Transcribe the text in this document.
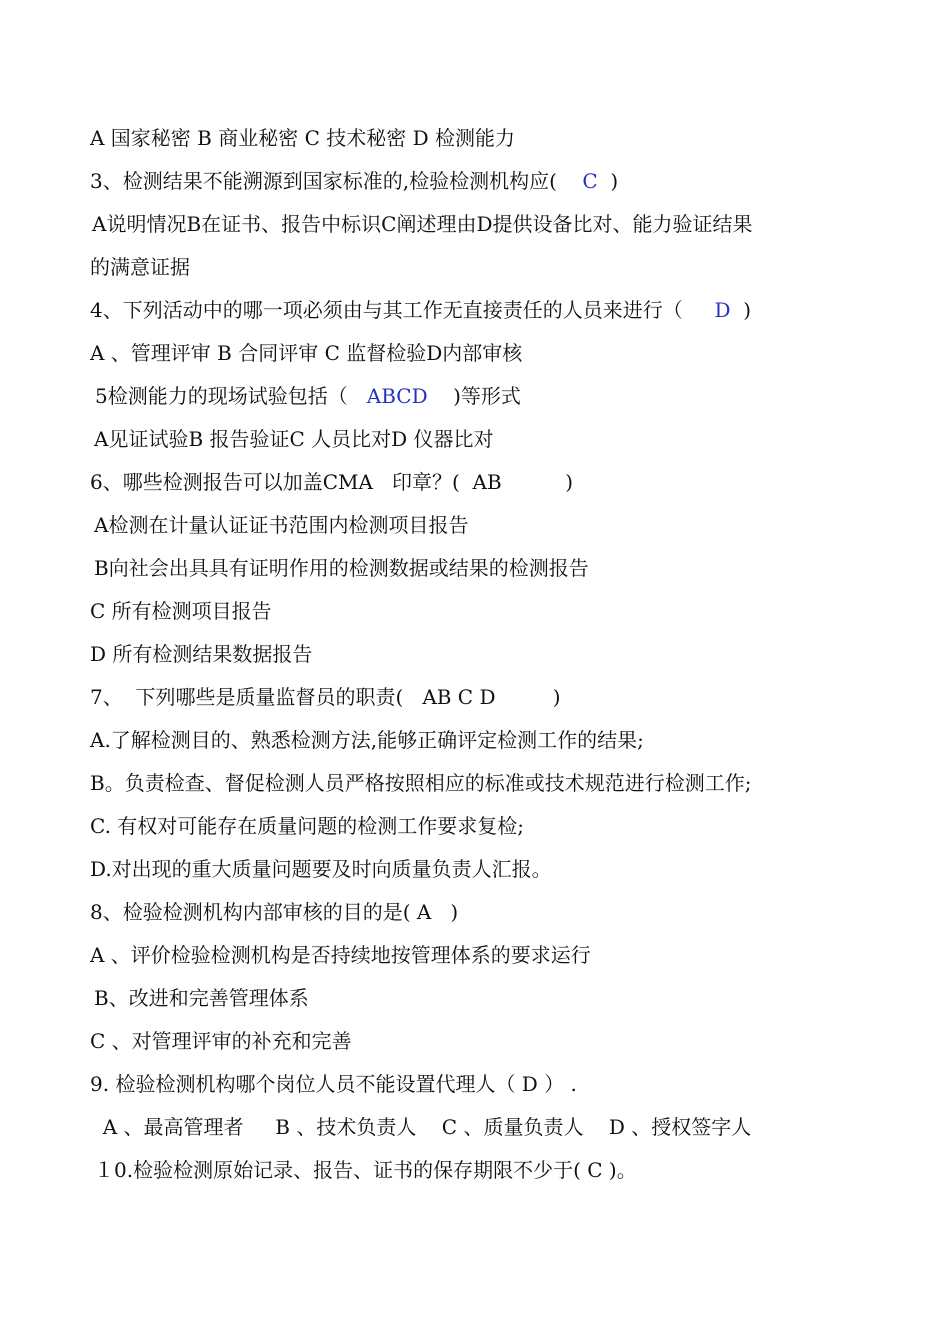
A 国家秘密 B 商业秘密 C 技术秘密 D 检测能力
3、检测结果不能溯源到国家标准的,检验检测机构应(    C  )
A说明情况B在证书、报告中标识C阐述理由D提供设备比对、能力验证结果
的满意证据
4、下列活动中的哪一项必须由与其工作无直接责任的人员来进行（     D  )
A 、管理评审 B 合同评审 C 监督检验D内部审核
5检测能力的现场试验包括（   ABCD    )等形式
A见证试验B 报告验证C 人员比对D 仪器比对
6、哪些检测报告可以加盖CMA   印章？(  AB          )
A检测在计量认证证书范围内检测项目报告
B向社会出具具有证明作用的检测数据或结果的检测报告
C 所有检测项目报告
D 所有检测结果数据报告
7、  下列哪些是质量监督员的职责(   AB C D         )
A.了解检测目的、熟悉检测方法,能够正确评定检测工作的结果;
B。负责检查、督促检测人员严格按照相应的标准或技术规范进行检测工作;
C. 有权对可能存在质量问题的检测工作要求复检;
D.对出现的重大质量问题要及时向质量负责人汇报。
8、检验检测机构内部审核的目的是( A   )
A 、评价检验检测机构是否持续地按管理体系的要求运行
B、改进和完善管理体系
C 、对管理评审的补充和完善
9. 检验检测机构哪个岗位人员不能设置代理人（ D ） .
A 、最高管理者     B 、技术负责人    C 、质量负责人    D 、授权签字人
１0.检验检测原始记录、报告、证书的保存期限不少于( C )。
